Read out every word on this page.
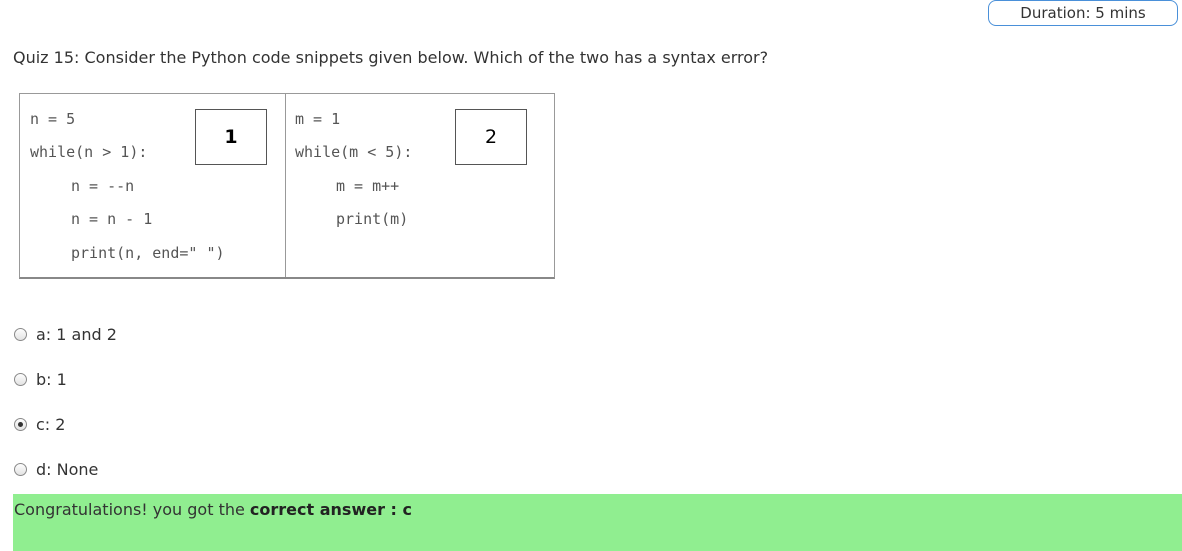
Duration: 5 mins
Quiz 15: Consider the Python code snippets given below. Which of the two has a syntax error?
n = 5
while(n > 1):
n = --n
n = n - 1
print(n, end=" ")
1
m = 1
while(m < 5):
m = m++
print(m)
2
a: 1 and 2
b: 1
c: 2
d: None
Congratulations! you got the correct answer : c
